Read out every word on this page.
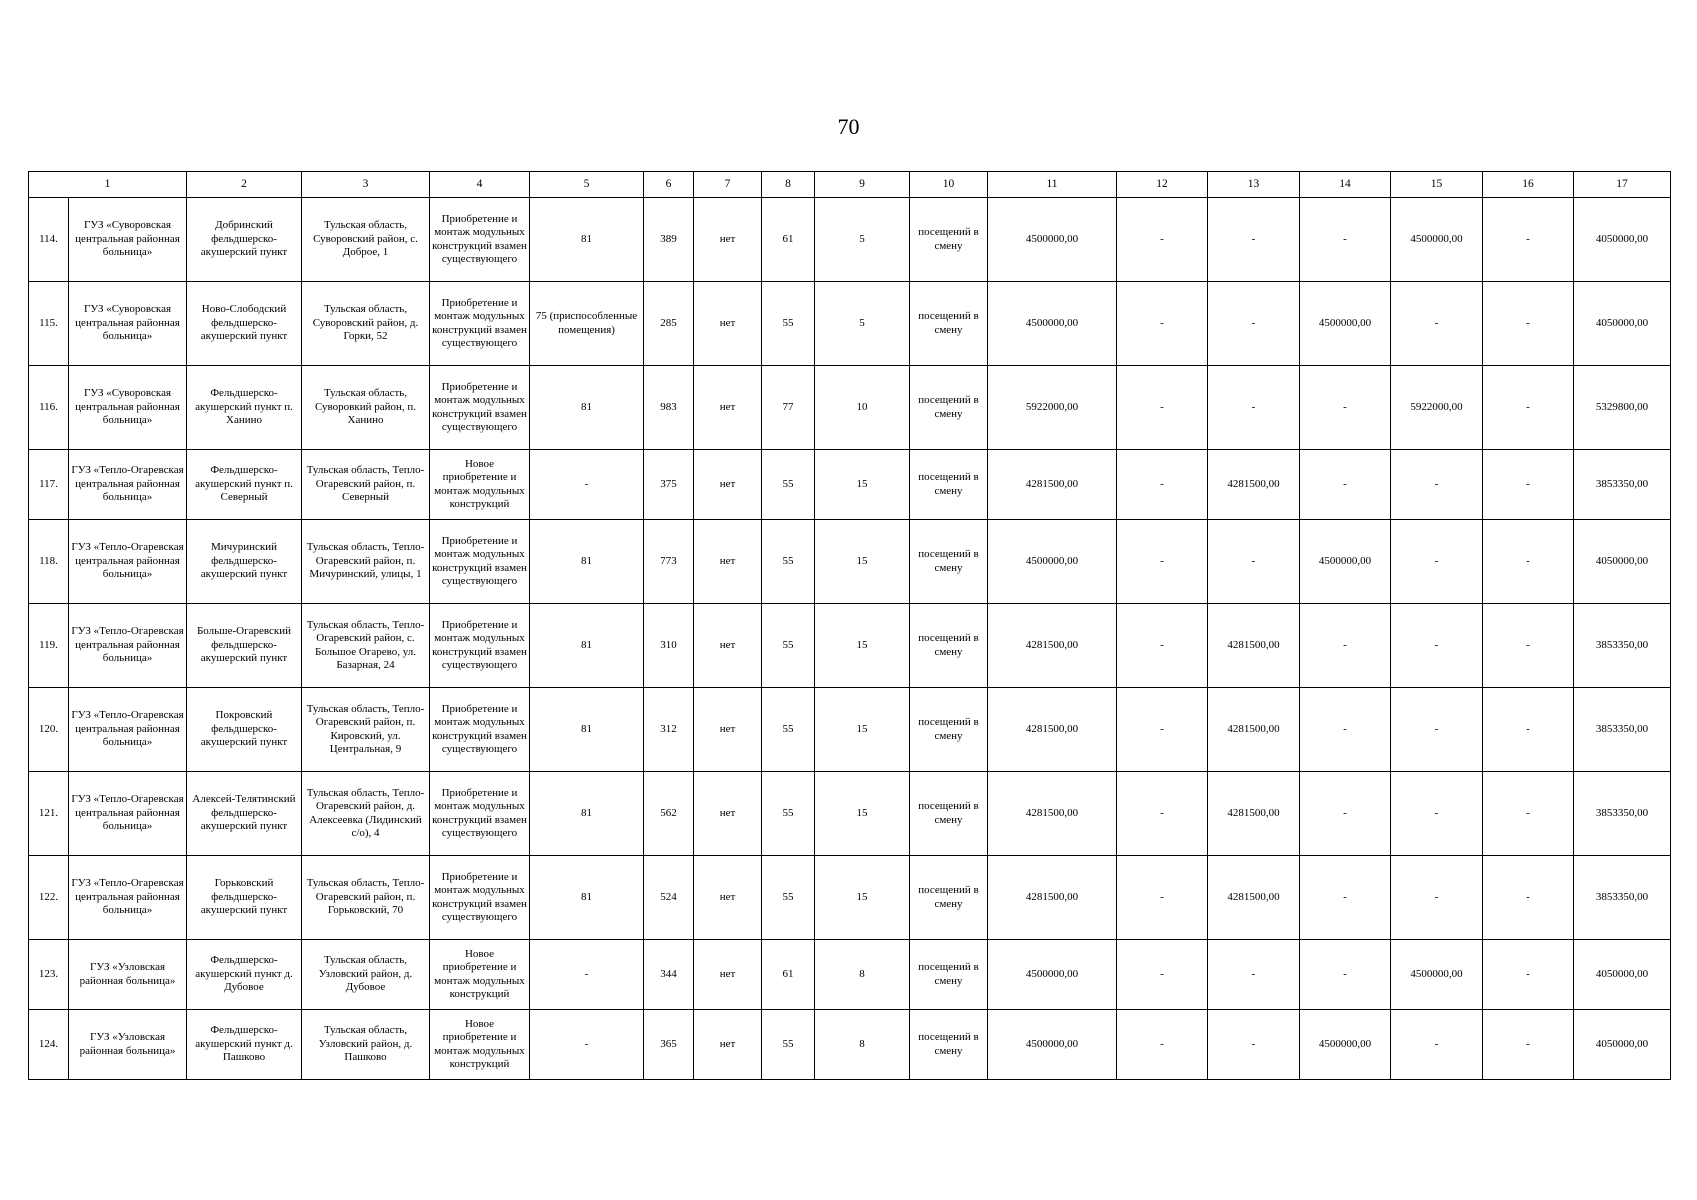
70
1		2	3	4	5	6	7	8	9	10	11	12	13	14	15	16	17
114.	ГУЗ «Суворовская центральная районная больница»	Добринский фельдшерско-акушерский пункт	Тульская область, Суворовский район, с. Доброе, 1	Приобретение и монтаж модульных конструкций взамен существующего	81	389	нет	61	5	посещений в смену	4500000,00	-	-	-	4500000,00	-	4050000,00
115.	ГУЗ «Суворовская центральная районная больница»	Ново-Слободский фельдшерско-акушерский пункт	Тульская область, Суворовский район, д. Горки, 52	Приобретение и монтаж модульных конструкций взамен существующего	75 (приспособленные помещения)	285	нет	55	5	посещений в смену	4500000,00	-	-	4500000,00	-	-	4050000,00
116.	ГУЗ «Суворовская центральная районная больница»	Фельдшерско-акушерский пункт п. Ханино	Тульская область, Суворовкий район, п. Ханино	Приобретение и монтаж модульных конструкций взамен существующего	81	983	нет	77	10	посещений в смену	5922000,00	-	-	-	5922000,00	-	5329800,00
117.	ГУЗ «Тепло-Огаревская центральная районная больница»	Фельдшерско-акушерский пункт п. Северный	Тульская область, Тепло-Огаревский район, п. Северный	Новое приобретение и монтаж модульных конструкций	-	375	нет	55	15	посещений в смену	4281500,00	-	4281500,00	-	-	-	3853350,00
118.	ГУЗ «Тепло-Огаревская центральная районная больница»	Мичуринский фельдшерско-акушерский пункт	Тульская область, Тепло-Огаревский район, п. Мичуринский, улицы, 1	Приобретение и монтаж модульных конструкций взамен существующего	81	773	нет	55	15	посещений в смену	4500000,00	-	-	4500000,00	-	-	4050000,00
119.	ГУЗ «Тепло-Огаревская центральная районная больница»	Больше-Огаревский фельдшерско-акушерский пункт	Тульская область, Тепло-Огаревский район, с. Большое Огарево, ул. Базарная, 24	Приобретение и монтаж модульных конструкций взамен существующего	81	310	нет	55	15	посещений в смену	4281500,00	-	4281500,00	-	-	-	3853350,00
120.	ГУЗ «Тепло-Огаревская центральная районная больница»	Покровский фельдшерско-акушерский пункт	Тульская область, Тепло-Огаревский район, п. Кировский, ул. Центральная, 9	Приобретение и монтаж модульных конструкций взамен существующего	81	312	нет	55	15	посещений в смену	4281500,00	-	4281500,00	-	-	-	3853350,00
121.	ГУЗ «Тепло-Огаревская центральная районная больница»	Алексей-Телятинский фельдшерско-акушерский пункт	Тульская область, Тепло-Огаревский район, д. Алексеевка (Лидинский с/о), 4	Приобретение и монтаж модульных конструкций взамен существующего	81	562	нет	55	15	посещений в смену	4281500,00	-	4281500,00	-	-	-	3853350,00
122.	ГУЗ «Тепло-Огаревская центральная районная больница»	Горьковский фельдшерско-акушерский пункт	Тульская область, Тепло-Огаревский район, п. Горьковский, 70	Приобретение и монтаж модульных конструкций взамен существующего	81	524	нет	55	15	посещений в смену	4281500,00	-	4281500,00	-	-	-	3853350,00
123.	ГУЗ «Узловская районная больница»	Фельдшерско-акушерский пункт д. Дубовое	Тульская область, Узловский район, д. Дубовое	Новое приобретение и монтаж модульных конструкций	-	344	нет	61	8	посещений в смену	4500000,00	-	-	-	4500000,00	-	4050000,00
124.	ГУЗ «Узловская районная больница»	Фельдшерско-акушерский пункт д. Пашково	Тульская область, Узловский район, д. Пашково	Новое приобретение и монтаж модульных конструкций	-	365	нет	55	8	посещений в смену	4500000,00	-	-	4500000,00	-	-	4050000,00
